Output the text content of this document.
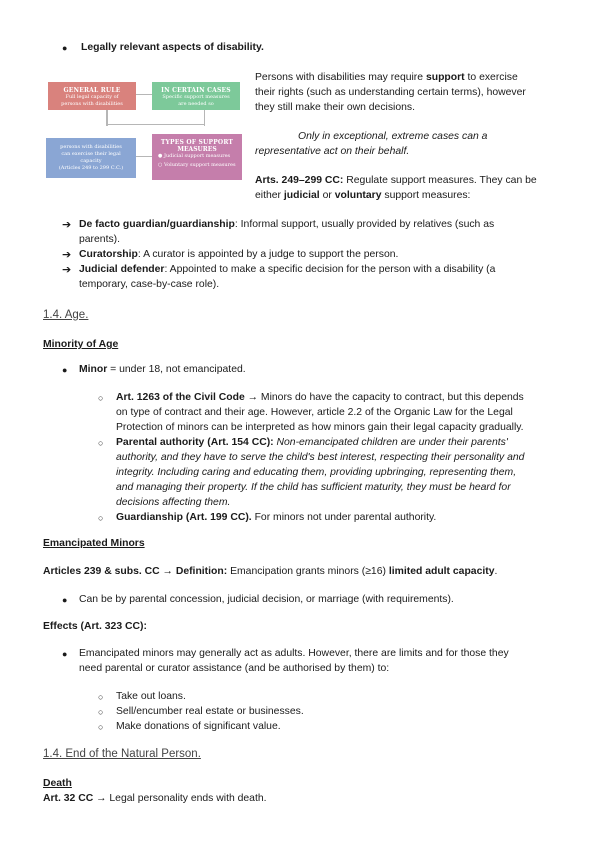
● Legally relevant aspects of disability.
GENERAL RULE
Full legal capacity of
persons with disabilities
IN CERTAIN CASES
Specific support measures
are needed so
persons with disabilities
can exercise their legal
capacity
(Articles 249 to 299 C.C.)
TYPES OF SUPPORT
MEASURES
● Judicial support measures
○ Voluntary support measures
Persons with disabilities may require support to exercise
their rights (such as understanding certain terms), however
they still make their own decisions.
Only in exceptional, extreme cases can a
representative act on their behalf.
Arts. 249–299 CC: Regulate support measures. They can be
either judicial or voluntary support measures:
➔ De facto guardian/guardianship: Informal support, usually provided by relatives (such as
parents).
➔ Curatorship: A curator is appointed by a judge to support the person.
➔ Judicial defender: Appointed to make a specific decision for the person with a disability (a
temporary, case-by-case role).
1.4. Age.
Minority of Age
● Minor = under 18, not emancipated.
○ Art. 1263 of the Civil Code → Minors do have the capacity to contract, but this depends
on type of contract and their age. However, article 2.2 of the Organic Law for the Legal
Protection of minors can be interpreted as how minors gain their legal capacity gradually.
○ Parental authority (Art. 154 CC): Non-emancipated children are under their parents'
authority, and they have to serve the child's best interest, respecting their personality and
integrity. Including caring and educating them, providing upbringing, representing them,
and managing their property. If the child has sufficient maturity, they must be heard for
decisions affecting them.
○ Guardianship (Art. 199 CC). For minors not under parental authority.
Emancipated Minors
Articles 239 & subs. CC → Definition: Emancipation grants minors (≥16) limited adult capacity.
● Can be by parental concession, judicial decision, or marriage (with requirements).
Effects (Art. 323 CC):
● Emancipated minors may generally act as adults. However, there are limits and for those they
need parental or curator assistance (and be authorised by them) to:
○ Take out loans.
○ Sell/encumber real estate or businesses.
○ Make donations of significant value.
1.4. End of the Natural Person.
Death
Art. 32 CC → Legal personality ends with death.
